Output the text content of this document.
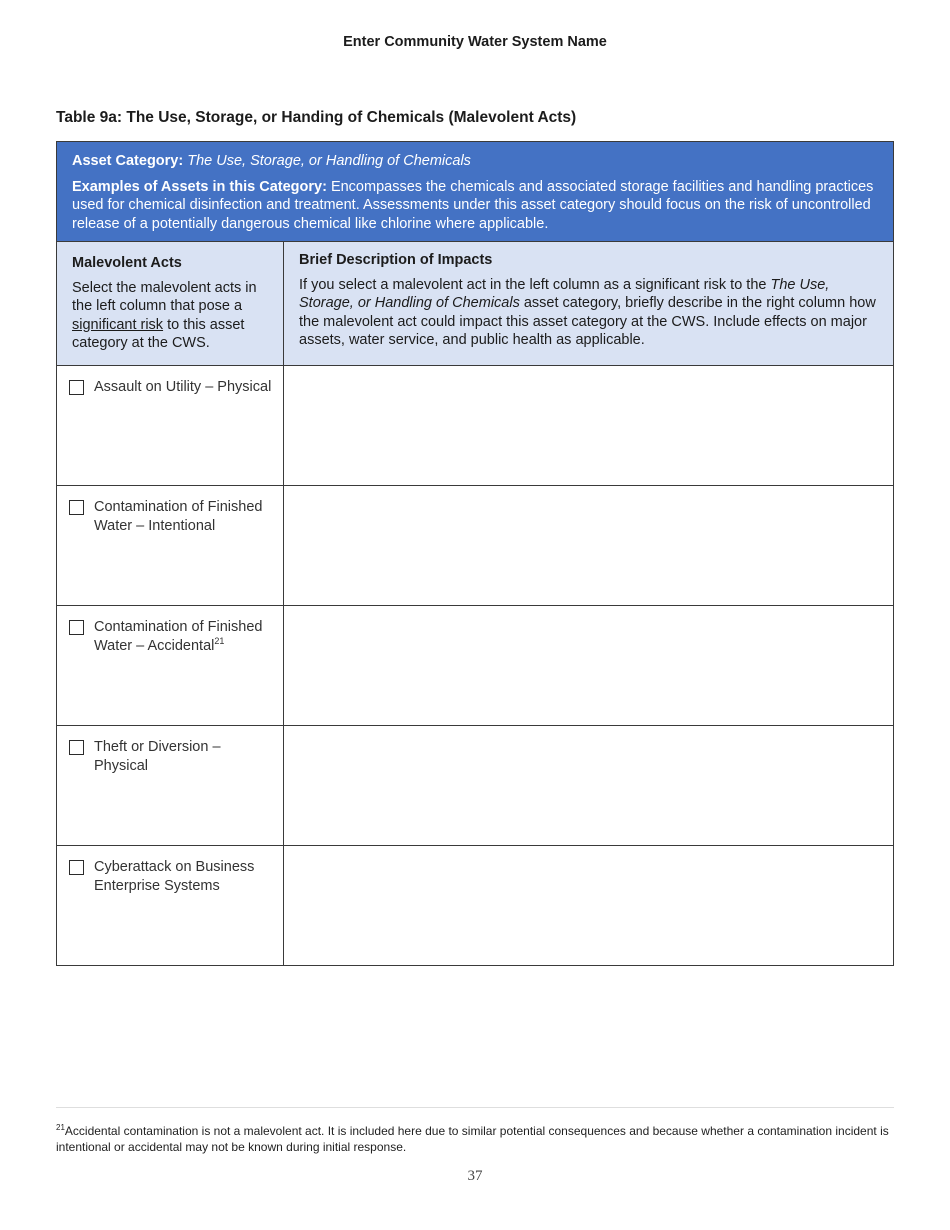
Enter Community Water System Name
Table 9a: The Use, Storage, or Handing of Chemicals (Malevolent Acts)
Asset Category: The Use, Storage, or Handling of Chemicals
Examples of Assets in this Category: Encompasses the chemicals and associated storage facilities and handling practices used for chemical disinfection and treatment. Assessments under this asset category should focus on the risk of uncontrolled release of a potentially dangerous chemical like chlorine where applicable.
Malevolent Acts
Select the malevolent acts in the left column that pose a significant risk to this asset category at the CWS.
Brief Description of Impacts
If you select a malevolent act in the left column as a significant risk to the The Use, Storage, or Handling of Chemicals asset category, briefly describe in the right column how the malevolent act could impact this asset category at the CWS. Include effects on major assets, water service, and public health as applicable.
Assault on Utility – Physical
Contamination of Finished Water – Intentional
Contamination of Finished Water – Accidental$^{21}$
Theft or Diversion – Physical
Cyberattack on Business Enterprise Systems
$^{21}$Accidental contamination is not a malevolent act. It is included here due to similar potential consequences and because whether a contamination incident is intentional or accidental may not be known during initial response.
37
